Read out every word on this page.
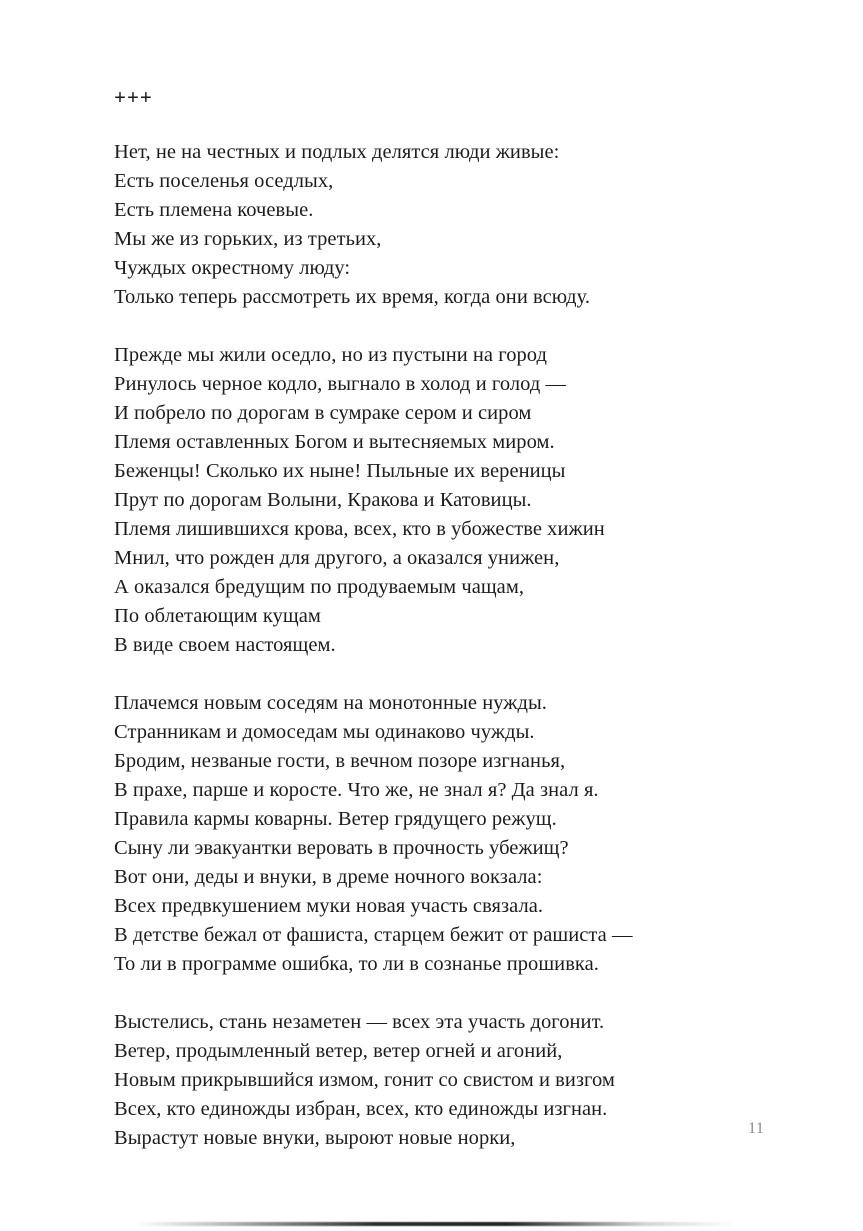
+++
Нет, не на честных и подлых делятся люди живые:
Есть поселенья оседлых,
Есть племена кочевые.
Мы же из горьких, из третьих,
Чуждых окрестному люду:
Только теперь рассмотреть их время, когда они всюду.
Прежде мы жили оседло, но из пустыни на город
Ринулось черное кодло, выгнало в холод и голод —
И побрело по дорогам в сумраке сером и сиром
Племя оставленных Богом и вытесняемых миром.
Беженцы! Сколько их ныне! Пыльные их вереницы
Прут по дорогам Волыни, Кракова и Катовицы.
Племя лишившихся крова, всех, кто в убожестве хижин
Мнил, что рожден для другого, а оказался унижен,
А оказался бредущим по продуваемым чащам,
По облетающим кущам
В виде своем настоящем.
Плачемся новым соседям на монотонные нужды.
Странникам и домоседам мы одинаково чужды.
Бродим, незваные гости, в вечном позоре изгнанья,
В прахе, парше и коросте. Что же, не знал я? Да знал я.
Правила кармы коварны. Ветер грядущего режущ.
Сыну ли эвакуантки веровать в прочность убежищ?
Вот они, деды и внуки, в дреме ночного вокзала:
Всех предвкушением муки новая участь связала.
В детстве бежал от фашиста, старцем бежит от рашиста —
То ли в программе ошибка, то ли в сознанье прошивка.
Выстелись, стань незаметен — всех эта участь догонит.
Ветер, продымленный ветер, ветер огней и агоний,
Новым прикрывшийся измом, гонит со свистом и визгом
Всех, кто единожды избран, всех, кто единожды изгнан.
Вырастут новые внуки, выроют новые норки,	11
